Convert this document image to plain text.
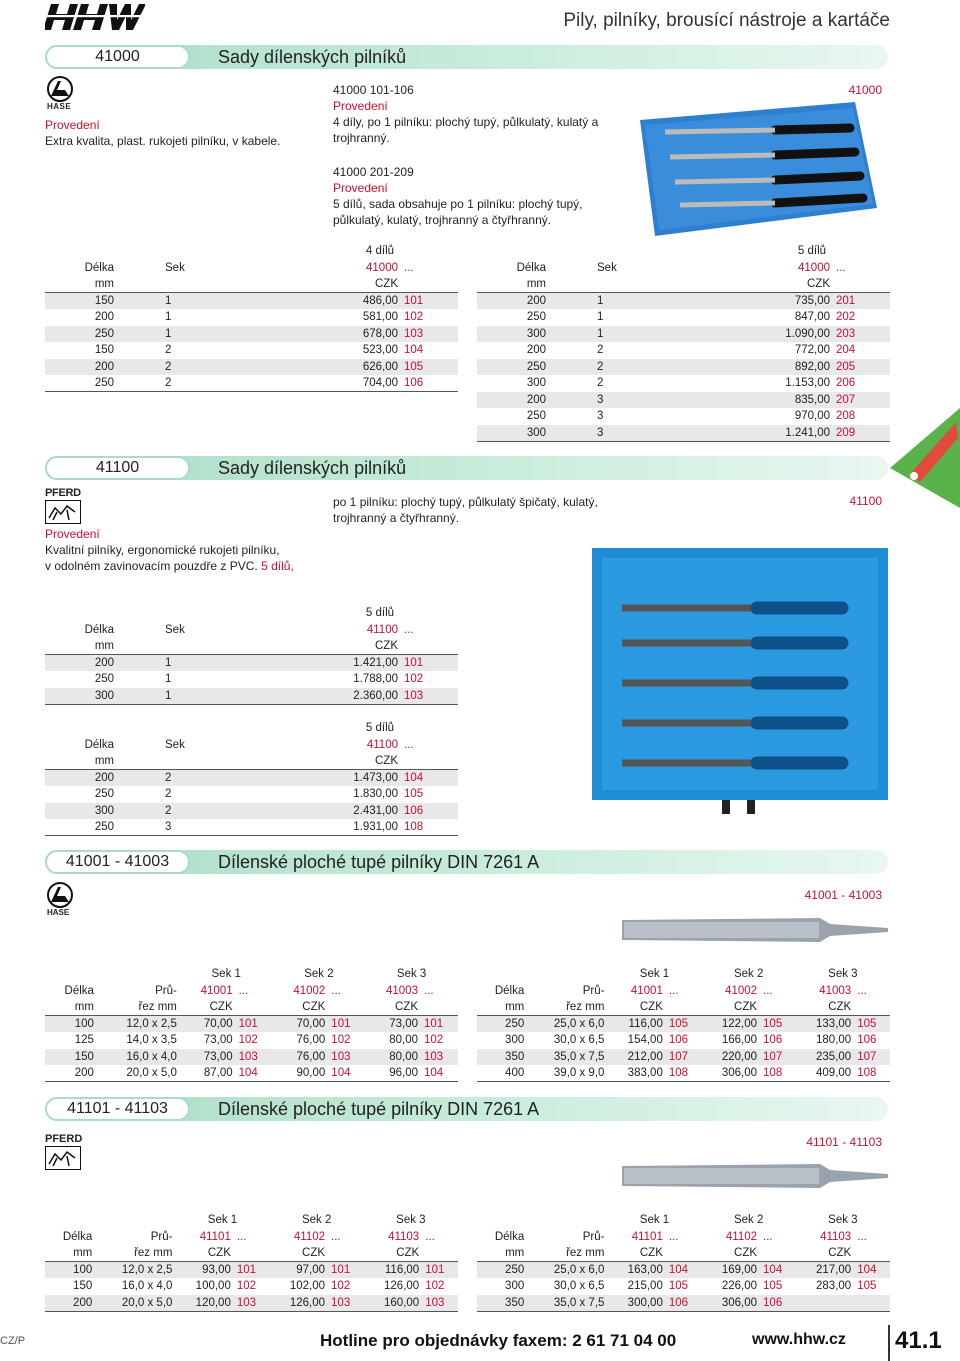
Pily, pilníky, brousící nástroje a kartáče
41000	Sady dílenských pilníků
HASE
Provedení
Extra kvalita, plast. rukojeti pilníku, v kabele.
41000 101-106
Provedení
4 díly, po 1 pilníku: plochý tupý, půlkulatý, kulatý a
trojhranný.
41000 201-209
Provedení
5 dílů, sada obsahuje po 1 pilníku: plochý tupý,
půlkulatý, kulatý, trojhranný a čtyřhranný.
41000
4 dílů			
Délka	Sek	41000	...
mm		CZK	
150	1	486,00	101
200	1	581,00	102
250	1	678,00	103
150	2	523,00	104
200	2	626,00	105
250	2	704,00	106
5 dílů			
Délka	Sek	41000	...
mm		CZK	
200	1	735,00	201
250	1	847,00	202
300	1	1.090,00	203
200	2	772,00	204
250	2	892,00	205
300	2	1.153,00	206
200	3	835,00	207
250	3	970,00	208
300	3	1.241,00	209
41100	Sady dílenských pilníků
PFERD
Provedení
Kvalitní pilníky, ergonomické rukojeti pilníku,
v odolném zavinovacím pouzdře z PVC. 5 dílů,
po 1 pilníku: plochý tupý, půlkulatý špičatý, kulatý,
trojhranný a čtyřhranný.
41100
5 dílů			
Délka	Sek	41100	...
mm		CZK	
200	1	1.421,00	101
250	1	1.788,00	102
300	1	2.360,00	103
5 dílů			
Délka	Sek	41100	...
mm		CZK	
200	2	1.473,00	104
250	2	1.830,00	105
300	2	2.431,00	106
250	3	1.931,00	108
41001 - 41003	Dílenské ploché tupé pilníky DIN 7261 A
HASE
41001 - 41003
		Sek 1		Sek 2		Sek 3	
Délka	Prů-	41001	...	41002	...	41003	...
mm	řez mm	CZK		CZK		CZK	
100	12,0 x 2,5	70,00	101	70,00	101	73,00	101
125	14,0 x 3,5	73,00	102	76,00	102	80,00	102
150	16,0 x 4,0	73,00	103	76,00	103	80,00	103
200	20,0 x 5,0	87,00	104	90,00	104	96,00	104
		Sek 1		Sek 2		Sek 3	
Délka	Prů-	41001	...	41002	...	41003	...
mm	řez mm	CZK		CZK		CZK	
250	25,0 x 6,0	116,00	105	122,00	105	133,00	105
300	30,0 x 6,5	154,00	106	166,00	106	180,00	106
350	35,0 x 7,5	212,00	107	220,00	107	235,00	107
400	39,0 x 9,0	383,00	108	306,00	108	409,00	108
41101 - 41103	Dílenské ploché tupé pilníky DIN 7261 A
PFERD	41101 - 41103
		Sek 1		Sek 2		Sek 3	
Délka	Prů-	41101	...	41102	...	41103	...
mm	řez mm	CZK		CZK		CZK	
100	12,0 x 2,5	93,00	101	97,00	101	116,00	101
150	16,0 x 4,0	100,00	102	102,00	102	126,00	102
200	20,0 x 5,0	120,00	103	126,00	103	160,00	103
		Sek 1		Sek 2		Sek 3	
Délka	Prů-	41101	...	41102	...	41103	...
mm	řez mm	CZK		CZK		CZK	
250	25,0 x 6,0	163,00	104	169,00	104	217,00	104
300	30,0 x 6,5	215,00	105	226,00	105	283,00	105
350	35,0 x 7,5	300,00	106	306,00	106		
CZ/P	Hotline pro objednávky faxem: 2 61 71 04 00	www.hhw.cz 41.1
